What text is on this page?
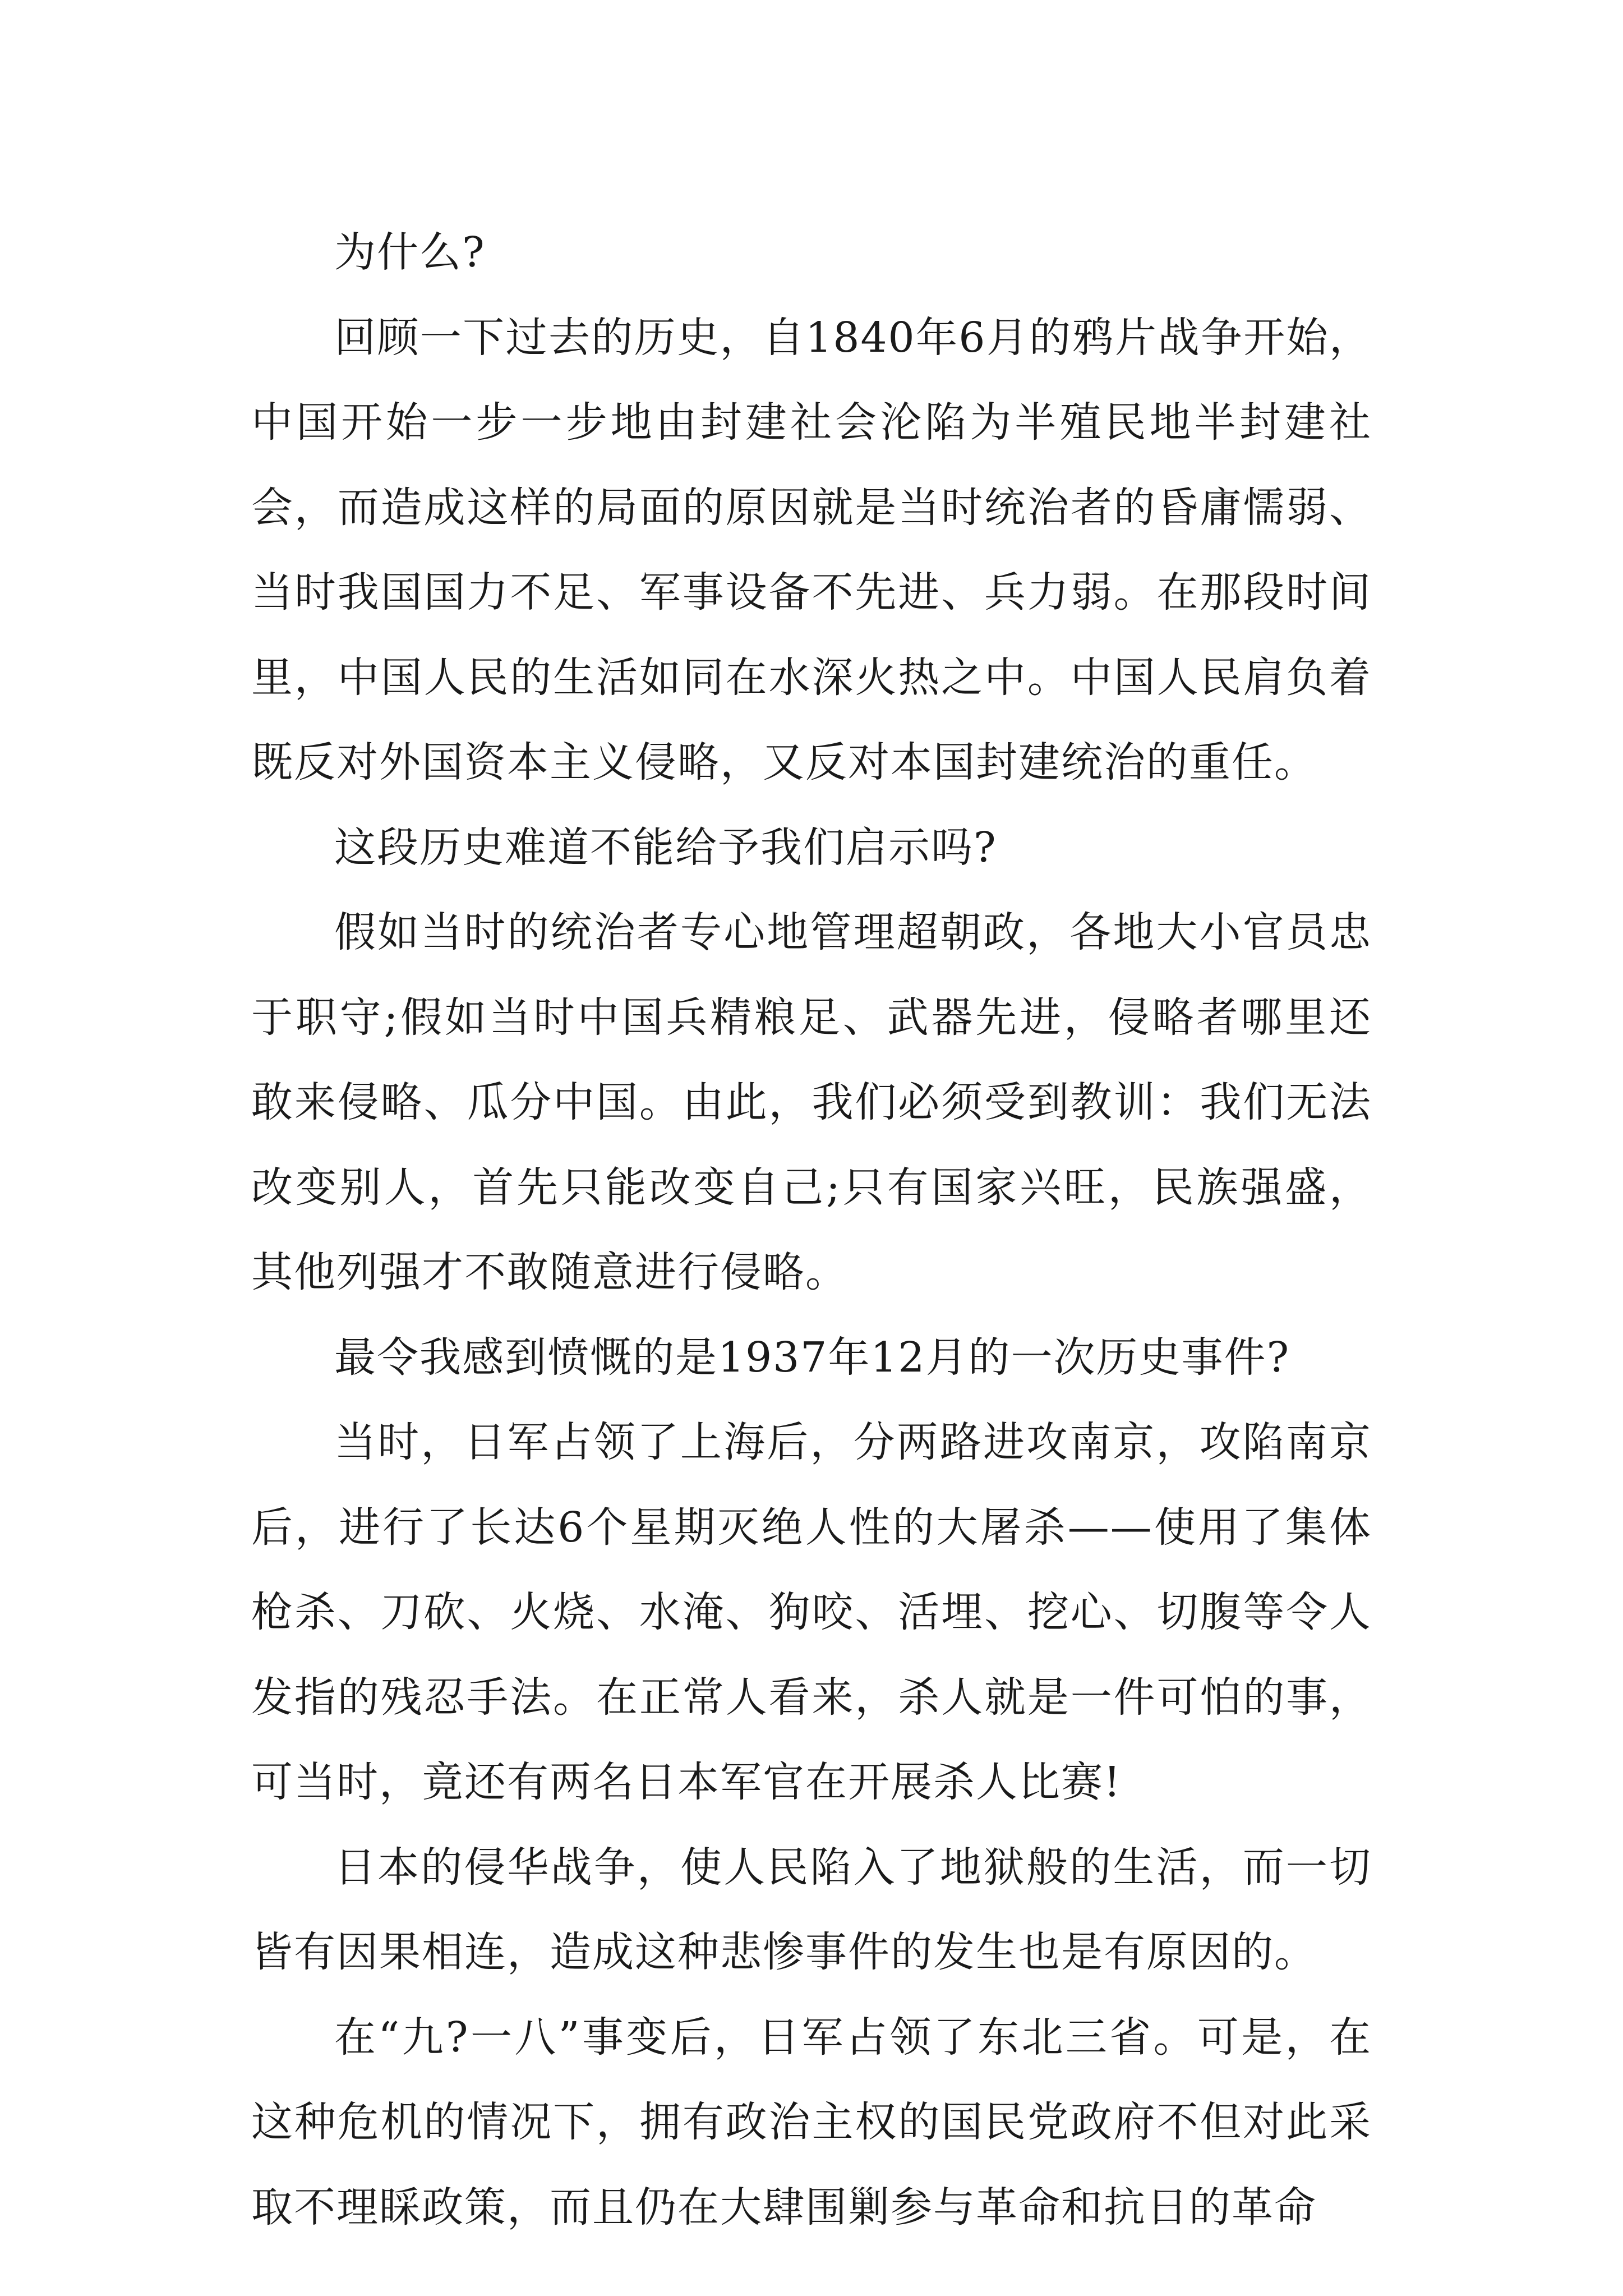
为什么?

回顾一下过去的历史，自1840年6月的鸦片战争开始，中国开始一步一步地由封建社会沦陷为半殖民地半封建社会，而造成这样的局面的原因就是当时统治者的昏庸懦弱、当时我国国力不足、军事设备不先进、兵力弱。在那段时间里，中国人民的生活如同在水深火热之中。中国人民肩负着既反对外国资本主义侵略，又反对本国封建统治的重任。

这段历史难道不能给予我们启示吗?

假如当时的统治者专心地管理超朝政，各地大小官员忠于职守;假如当时中国兵精粮足、武器先进，侵略者哪里还敢来侵略、瓜分中国。由此，我们必须受到教训：我们无法改变别人，首先只能改变自己;只有国家兴旺，民族强盛，其他列强才不敢随意进行侵略。

最令我感到愤慨的是1937年12月的一次历史事件?

当时，日军占领了上海后，分两路进攻南京，攻陷南京后，进行了长达6个星期灭绝人性的大屠杀——使用了集体枪杀、刀砍、火烧、水淹、狗咬、活埋、挖心、切腹等令人发指的残忍手法。在正常人看来，杀人就是一件可怕的事，可当时，竟还有两名日本军官在开展杀人比赛!

日本的侵华战争，使人民陷入了地狱般的生活，而一切皆有因果相连，造成这种悲惨事件的发生也是有原因的。

在“九?一八”事变后，日军占领了东北三省。可是，在这种危机的情况下，拥有政治主权的国民党政府不但对此采取不理睬政策，而且仍在大肆围剿参与革命和抗日的革命
